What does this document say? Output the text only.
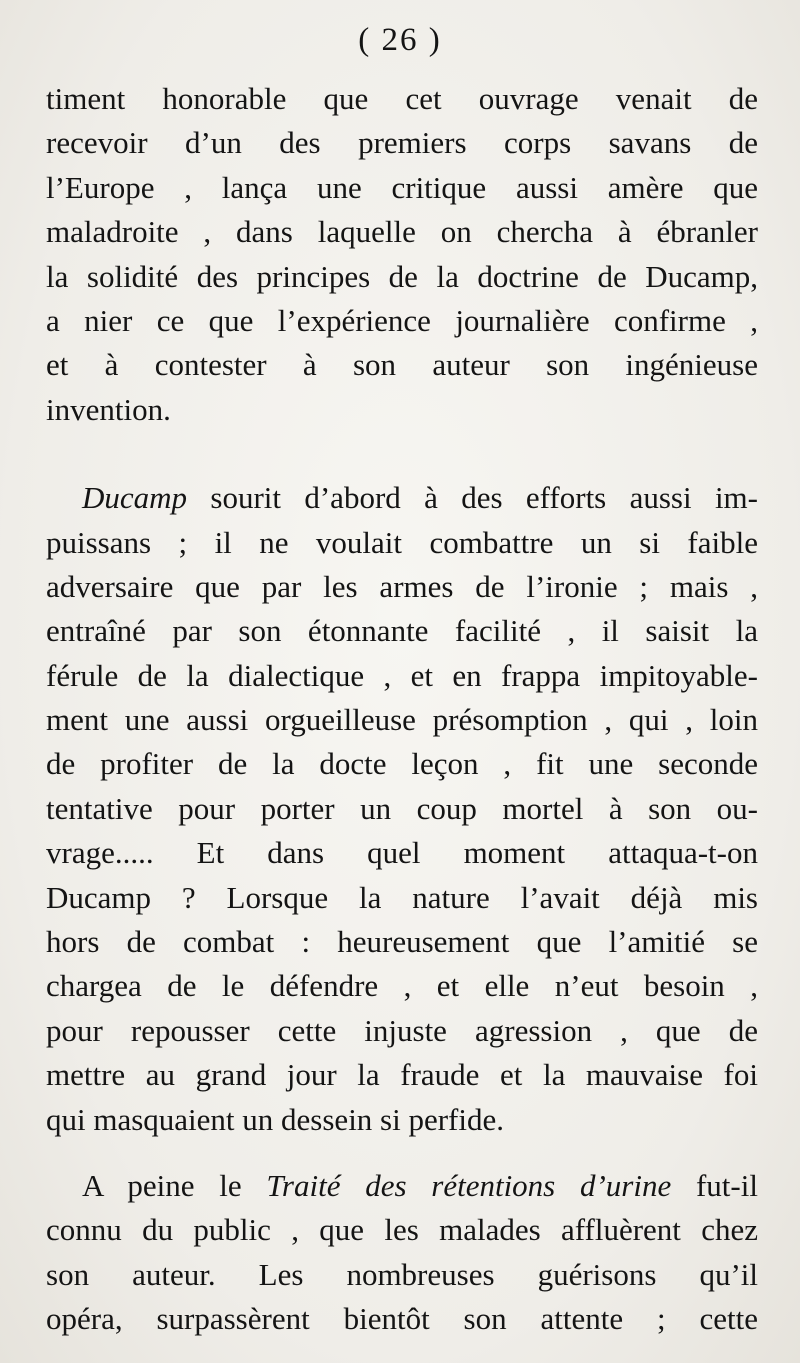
( 26 )
timent honorable que cet ouvrage venait de
recevoir d’un des premiers corps savans de
l’Europe , lança une critique aussi amère que
maladroite , dans laquelle on chercha à ébranler
la solidité des principes de la doctrine de Ducamp,
a nier ce que l’expérience journalière confirme ,
et à contester à son auteur son ingénieuse
invention.
Ducamp sourit d’abord à des efforts aussi im-
puissans ; il ne voulait combattre un si faible
adversaire que par les armes de l’ironie ; mais ,
entraîné par son étonnante facilité , il saisit la
férule de la dialectique , et en frappa impitoyable-
ment une aussi orgueilleuse présomption , qui , loin
de profiter de la docte leçon , fit une seconde
tentative pour porter un coup mortel à son ou-
vrage..... Et dans quel moment attaqua-t-on
Ducamp ? Lorsque la nature l’avait déjà mis
hors de combat : heureusement que l’amitié se
chargea de le défendre , et elle n’eut besoin ,
pour repousser cette injuste agression , que de
mettre au grand jour la fraude et la mauvaise foi
qui masquaient un dessein si perfide.
A peine le Traité des rétentions d’urine fut-il
connu du public , que les malades affluèrent chez
son auteur. Les nombreuses guérisons qu’il
opéra, surpassèrent bientôt son attente ; cette
